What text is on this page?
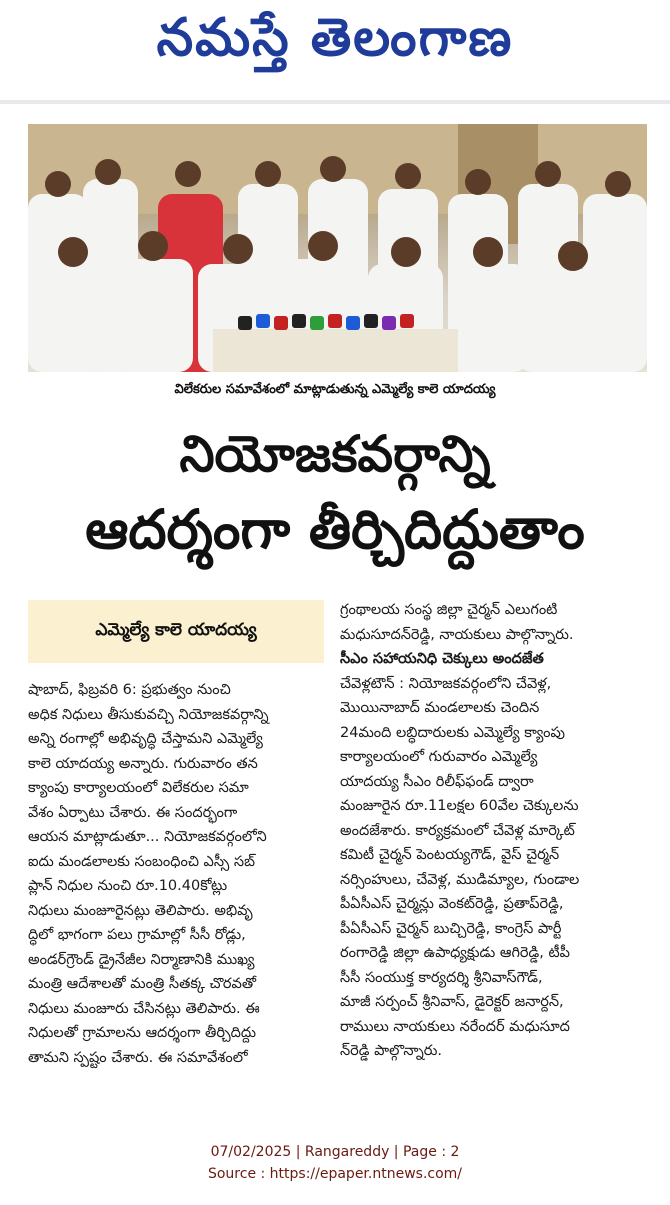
నమస్తే తెలంగాణ
విలేకరుల సమావేశంలో మాట్లాడుతున్న ఎమ్మెల్యే కాలె యాదయ్య
నియోజకవర్గాన్ని
ఆదర్శంగా తీర్చిదిద్దుతాం
ఎమ్మెల్యే కాలె యాదయ్య

షాబాద్, ఫిబ్రవరి 6: ప్రభుత్వం నుంచి

అధిక నిధులు తీసుకువచ్చి నియోజకవర్గాన్ని

అన్ని రంగాల్లో అభివృద్ధి చేస్తామని ఎమ్మెల్యే

కాలె యాదయ్య అన్నారు. గురువారం తన

క్యాంపు కార్యాలయంలో విలేకరుల సమా

వేశం ఏర్పాటు చేశారు. ఈ సందర్భంగా

ఆయన మాట్లాడుతూ... నియోజకవర్గంలోని

ఐదు మండలాలకు సంబంధించి ఎస్సీ సబ్

ప్లాన్ నిధుల నుంచి రూ.10.40కోట్లు

నిధులు మంజూరైనట్లు తెలిపారు. అభివృ

ద్ధిలో భాగంగా పలు గ్రామాల్లో సీసీ రోడ్లు,

అండర్‌గ్రౌండ్ డ్రైనేజీల నిర్మాణానికి ముఖ్య

మంత్రి ఆదేశాలతో మంత్రి సీతక్క చొరవతో

నిధులు మంజూరు చేసినట్లు తెలిపారు. ఈ

నిధులతో గ్రామాలను ఆదర్శంగా తీర్చిదిద్దు

తామని స్పష్టం చేశారు. ఈ సమావేశంలో

గ్రంథాలయ సంస్థ జిల్లా చైర్మన్ ఎలుగంటి

మధుసూదన్‌రెడ్డి, నాయకులు పాల్గొన్నారు.

సీఎం సహాయనిధి చెక్కులు అందజేత

చేవెళ్లటౌన్ : నియోజకవర్గంలోని చేవెళ్ల,

మొయినాబాద్ మండలాలకు చెందిన

24మంది లబ్ధిదారులకు ఎమ్మెల్యే క్యాంపు

కార్యాలయంలో గురువారం ఎమ్మెల్యే

యాదయ్య సీఎం రిలీఫ్‌ఫండ్ ద్వారా

మంజూరైన రూ.11లక్షల 60వేల చెక్కులను

అందజేశారు. కార్యక్రమంలో చేవెళ్ల మార్కెట్

కమిటీ చైర్మన్ పెంటయ్యగౌడ్, వైస్ చైర్మన్

నర్సింహులు, చేవెళ్ల, ముడిమ్యాల, గుండాల

పీఏసీఎస్ చైర్మన్లు వెంకట్‌రెడ్డి, ప్రతాప్‌రెడ్డి,

పీఏసీఎస్ చైర్మన్ బుచ్చిరెడ్డి, కాంగ్రెస్ పార్టీ

రంగారెడ్డి జిల్లా ఉపాధ్యక్షుడు ఆగిరెడ్డి, టీపీ

సీసీ సంయుక్త కార్యదర్శి శ్రీనివాస్‌గౌడ్,

మాజీ సర్పంచ్ శ్రీనివాస్, డైరెక్టర్ జనార్దన్,

రాములు నాయకులు నరేందర్ మధుసూద

న్‌రెడ్డి పాల్గొన్నారు.

07/02/2025 | Rangareddy | Page : 2
Source : https://epaper.ntnews.com/
